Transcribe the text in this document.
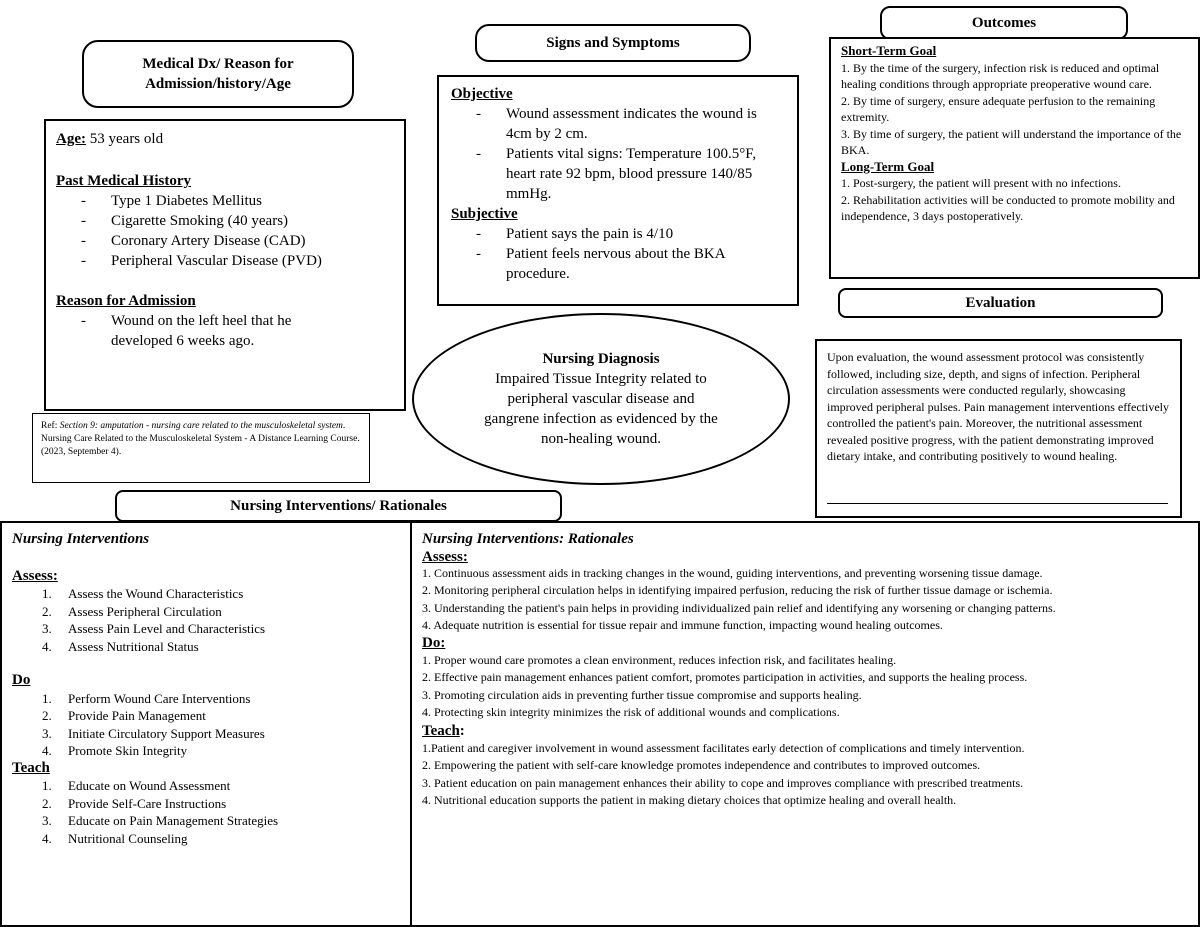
Medical Dx/ Reason for Admission/history/Age

Age: 53 years old

Past Medical History

- Type 1 Diabetes Mellitus
- Cigarette Smoking (40 years)
- Coronary Artery Disease (CAD)
- Peripheral Vascular Disease (PVD)

Reason for Admission

- Wound on the left heel that he developed 6 weeks ago.
Ref: Section 9: amputation - nursing care related to the musculoskeletal system. Nursing Care Related to the Musculoskeletal System - A Distance Learning Course. (2023, September 4).
Signs and Symptoms

Objective

- Wound assessment indicates the wound is 4cm by 2 cm.
- Patients vital signs: Temperature 100.5°F, heart rate 92 bpm, blood pressure 140/85 mmHg.

Subjective

- Patient says the pain is 4/10
- Patient feels nervous about the BKA procedure.

Nursing Diagnosis

Impaired Tissue Integrity related to peripheral vascular disease and gangrene infection as evidenced by the non-healing wound.

Outcomes

Short-Term Goal

1. By the time of the surgery, infection risk is reduced and optimal healing conditions through appropriate preoperative wound care.

2. By time of surgery, ensure adequate perfusion to the remaining extremity.

3. By time of surgery, the patient will understand the importance of the BKA.

Long-Term Goal

1. Post-surgery, the patient will present with no infections.

2. Rehabilitation activities will be conducted to promote mobility and independence, 3 days postoperatively.

Evaluation

Upon evaluation, the wound assessment protocol was consistently followed, including size, depth, and signs of infection. Peripheral circulation assessments were conducted regularly, showcasing improved peripheral pulses. Pain management interventions effectively controlled the patient's pain. Moreover, the nutritional assessment revealed positive progress, with the patient demonstrating improved dietary intake, and contributing positively to wound healing.

Nursing Interventions/ Rationales

Nursing Interventions

Assess:

1. Assess the Wound Characteristics
2. Assess Peripheral Circulation
3. Assess Pain Level and Characteristics
4. Assess Nutritional Status

Do

1. Perform Wound Care Interventions
2. Provide Pain Management
3. Initiate Circulatory Support Measures
4. Promote Skin Integrity

Teach

1. Educate on Wound Assessment
2. Provide Self-Care Instructions
3. Educate on Pain Management Strategies
4. Nutritional Counseling

Nursing Interventions: Rationales

Assess:

1. Continuous assessment aids in tracking changes in the wound, guiding interventions, and preventing worsening tissue damage.

2. Monitoring peripheral circulation helps in identifying impaired perfusion, reducing the risk of further tissue damage or ischemia.

3. Understanding the patient's pain helps in providing individualized pain relief and identifying any worsening or changing patterns.

4. Adequate nutrition is essential for tissue repair and immune function, impacting wound healing outcomes.

Do:

1. Proper wound care promotes a clean environment, reduces infection risk, and facilitates healing.

2. Effective pain management enhances patient comfort, promotes participation in activities, and supports the healing process.

3. Promoting circulation aids in preventing further tissue compromise and supports healing.

4. Protecting skin integrity minimizes the risk of additional wounds and complications.

Teach:

1.Patient and caregiver involvement in wound assessment facilitates early detection of complications and timely intervention.

2. Empowering the patient with self-care knowledge promotes independence and contributes to improved outcomes.

3. Patient education on pain management enhances their ability to cope and improves compliance with prescribed treatments.

4. Nutritional education supports the patient in making dietary choices that optimize healing and overall health.
